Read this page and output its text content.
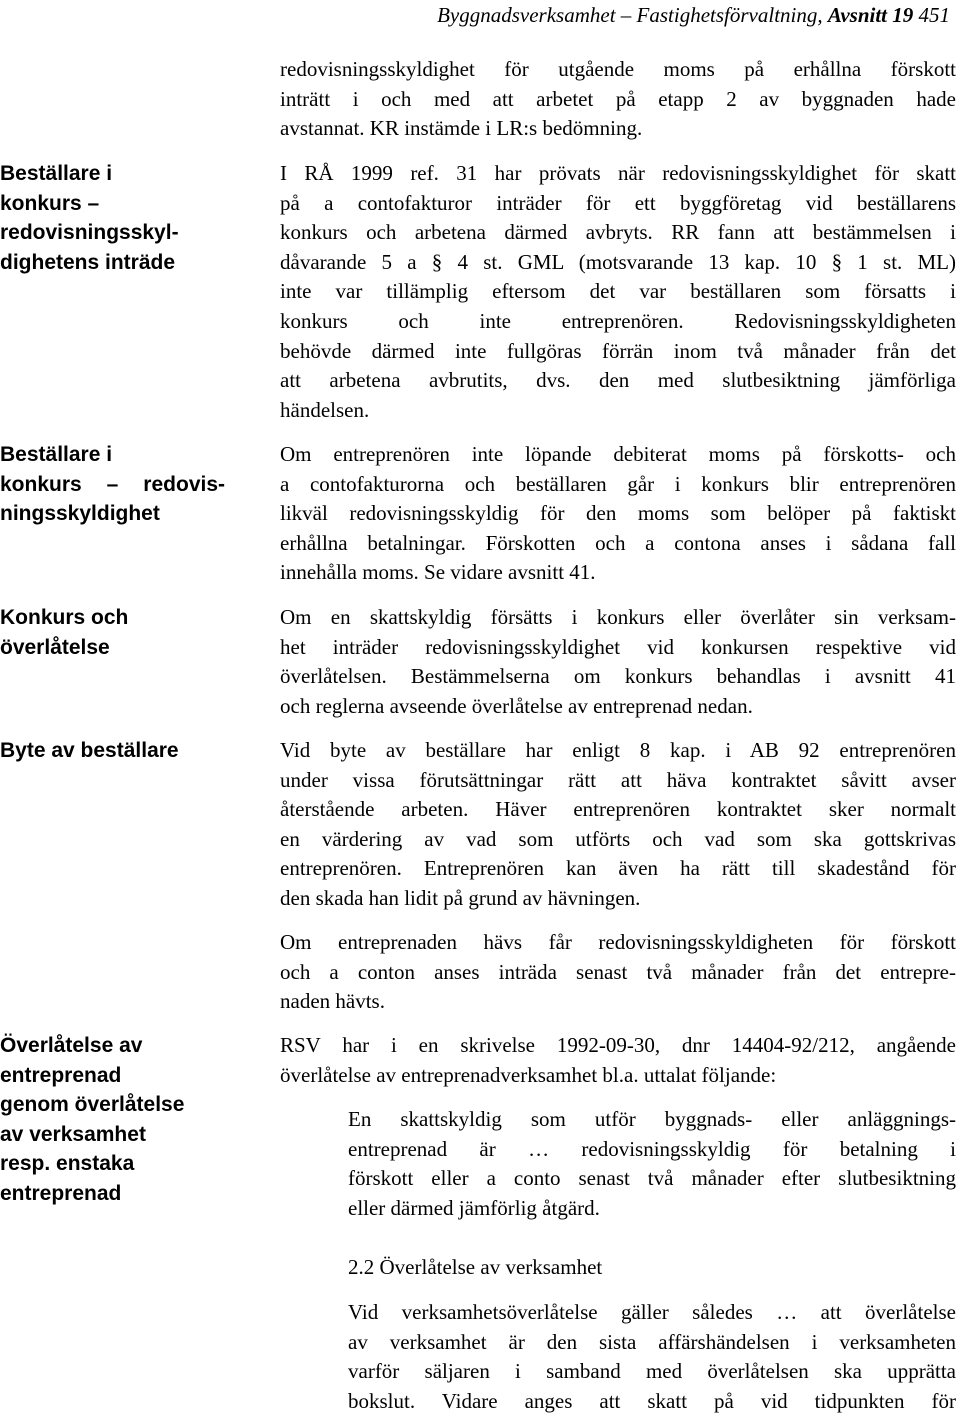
Byggnadsverksamhet – Fastighetsförvaltning, Avsnitt 19 451
Beställare i
konkurs –
redovisningsskyl-
dighetens inträde
Beställare i
konkurs – redovis-
ningsskyldighet
Konkurs och
överlåtelse
Byte av beställare
Överlåtelse av
entreprenad
genom överlåtelse
av verksamhet
resp. enstaka
entreprenad
redovisningsskyldighet för utgående moms på erhållna förskott
inträtt i och med att arbetet på etapp 2 av byggnaden hade
avstannat. KR instämde i LR:s bedömning.
I RÅ 1999 ref. 31 har prövats när redovisningsskyldighet för skatt
på a contofakturor inträder för ett byggföretag vid beställarens
konkurs och arbetena därmed avbryts. RR fann att bestämmelsen i
dåvarande 5 a § 4 st. GML (motsvarande 13 kap. 10 § 1 st. ML)
inte var tillämplig eftersom det var beställaren som försatts i
konkurs och inte entreprenören. Redovisningsskyldigheten
behövde därmed inte fullgöras förrän inom två månader från det
att arbetena avbrutits, dvs. den med slutbesiktning jämförliga
händelsen.
Om entreprenören inte löpande debiterat moms på förskotts- och
a contofakturorna och beställaren går i konkurs blir entreprenören
likväl redovisningsskyldig för den moms som belöper på faktiskt
erhållna betalningar. Förskotten och a contona anses i sådana fall
innehålla moms. Se vidare avsnitt 41.
Om en skattskyldig försätts i konkurs eller överlåter sin verksam-
het inträder redovisningsskyldighet vid konkursen respektive vid
överlåtelsen. Bestämmelserna om konkurs behandlas i avsnitt 41
och reglerna avseende överlåtelse av entreprenad nedan.
Vid byte av beställare har enligt 8 kap. i AB 92 entreprenören
under vissa förutsättningar rätt att häva kontraktet såvitt avser
återstående arbeten. Häver entreprenören kontraktet sker normalt
en värdering av vad som utförts och vad som ska gottskrivas
entreprenören. Entreprenören kan även ha rätt till skadestånd för
den skada han lidit på grund av hävningen.
Om entreprenaden hävs får redovisningsskyldigheten för förskott
och a conton anses inträda senast två månader från det entrepre-
naden hävts.
RSV har i en skrivelse 1992-09-30, dnr 14404-92/212, angående
överlåtelse av entreprenadverksamhet bl.a. uttalat följande:
En skattskyldig som utför byggnads- eller anläggnings-
entreprenad är … redovisningsskyldig för betalning i
förskott eller a conto senast två månader efter slutbesiktning
eller därmed jämförlig åtgärd.
2.2 Överlåtelse av verksamhet
Vid verksamhetsöverlåtelse gäller således … att överlåtelse
av verksamhet är den sista affärshändelsen i verksamheten
varför säljaren i samband med överlåtelsen ska upprätta
bokslut. Vidare anges att skatt på vid tidpunkten för
